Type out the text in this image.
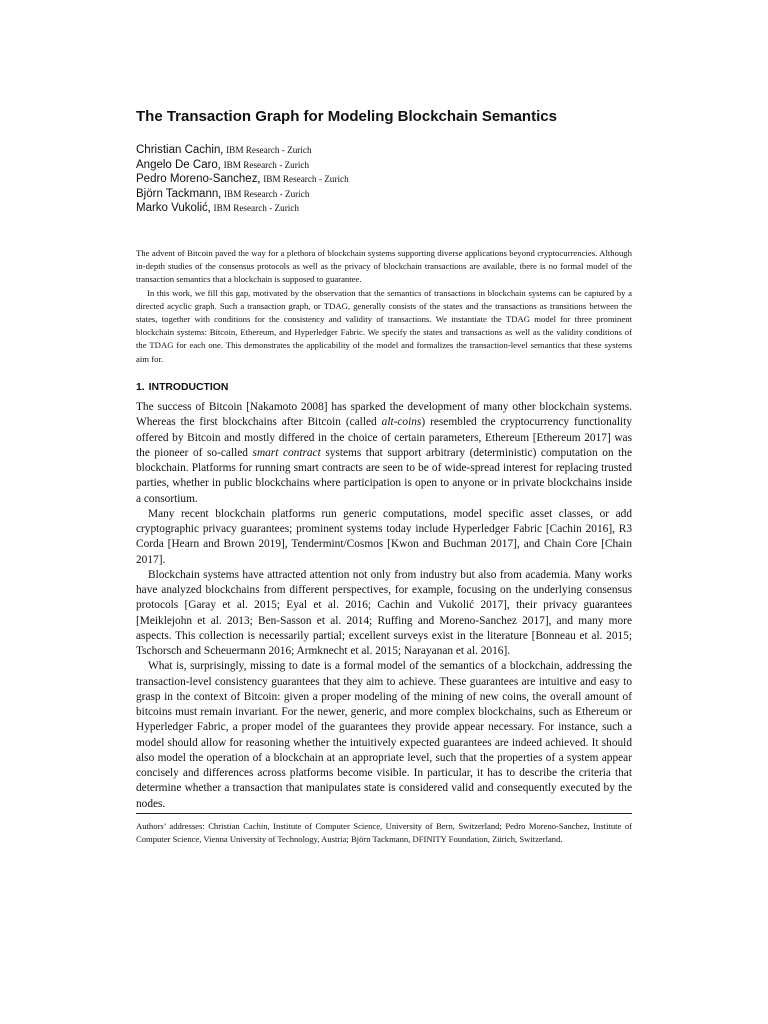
The Transaction Graph for Modeling Blockchain Semantics
Christian Cachin, IBM Research - Zurich
Angelo De Caro, IBM Research - Zurich
Pedro Moreno-Sanchez, IBM Research - Zurich
Björn Tackmann, IBM Research - Zurich
Marko Vukolić, IBM Research - Zurich

The advent of Bitcoin paved the way for a plethora of blockchain systems supporting diverse applications beyond cryptocurrencies. Although in-depth studies of the consensus protocols as well as the privacy of blockchain transactions are available, there is no formal model of the transaction semantics that a blockchain is supposed to guarantee.

In this work, we fill this gap, motivated by the observation that the semantics of transactions in blockchain systems can be captured by a directed acyclic graph. Such a transaction graph, or TDAG, generally consists of the states and the transactions as transitions between the states, together with conditions for the consistency and validity of transactions. We instantiate the TDAG model for three prominent blockchain systems: Bitcoin, Ethereum, and Hyperledger Fabric. We specify the states and transactions as well as the validity conditions of the TDAG for each one. This demonstrates the applicability of the model and formalizes the transaction-level semantics that these systems aim for.

1. INTRODUCTION

The success of Bitcoin [Nakamoto 2008] has sparked the development of many other blockchain systems. Whereas the first blockchains after Bitcoin (called alt-coins) resembled the cryptocurrency functionality offered by Bitcoin and mostly differed in the choice of certain parameters, Ethereum [Ethereum 2017] was the pioneer of so-called smart contract systems that support arbitrary (deterministic) computation on the blockchain. Platforms for running smart contracts are seen to be of wide-spread interest for replacing trusted parties, whether in public blockchains where participation is open to anyone or in private blockchains inside a consortium.

Many recent blockchain platforms run generic computations, model specific asset classes, or add cryptographic privacy guarantees; prominent systems today include Hyperledger Fabric [Cachin 2016], R3 Corda [Hearn and Brown 2019], Tendermint/Cosmos [Kwon and Buchman 2017], and Chain Core [Chain 2017].

Blockchain systems have attracted attention not only from industry but also from academia. Many works have analyzed blockchains from different perspectives, for example, focusing on the underlying consensus protocols [Garay et al. 2015; Eyal et al. 2016; Cachin and Vukolić 2017], their privacy guarantees [Meiklejohn et al. 2013; Ben-Sasson et al. 2014; Ruffing and Moreno-Sanchez 2017], and many more aspects. This collection is necessarily partial; excellent surveys exist in the literature [Bonneau et al. 2015; Tschorsch and Scheuermann 2016; Armknecht et al. 2015; Narayanan et al. 2016].

What is, surprisingly, missing to date is a formal model of the semantics of a blockchain, addressing the transaction-level consistency guarantees that they aim to achieve. These guarantees are intuitive and easy to grasp in the context of Bitcoin: given a proper modeling of the mining of new coins, the overall amount of bitcoins must remain invariant. For the newer, generic, and more complex blockchains, such as Ethereum or Hyperledger Fabric, a proper model of the guarantees they provide appear necessary. For instance, such a model should allow for reasoning whether the intuitively expected guarantees are indeed achieved. It should also model the operation of a blockchain at an appropriate level, such that the properties of a system appear concisely and differences across platforms become visible. In particular, it has to describe the criteria that determine whether a transaction that manipulates state is considered valid and consequently executed by the nodes.

Authors’ addresses: Christian Cachin, Institute of Computer Science, University of Bern, Switzerland; Pedro Moreno-Sanchez, Institute of Computer Science, Vienna University of Technology, Austria; Björn Tackmann, DFINITY Foundation, Zürich, Switzerland.
